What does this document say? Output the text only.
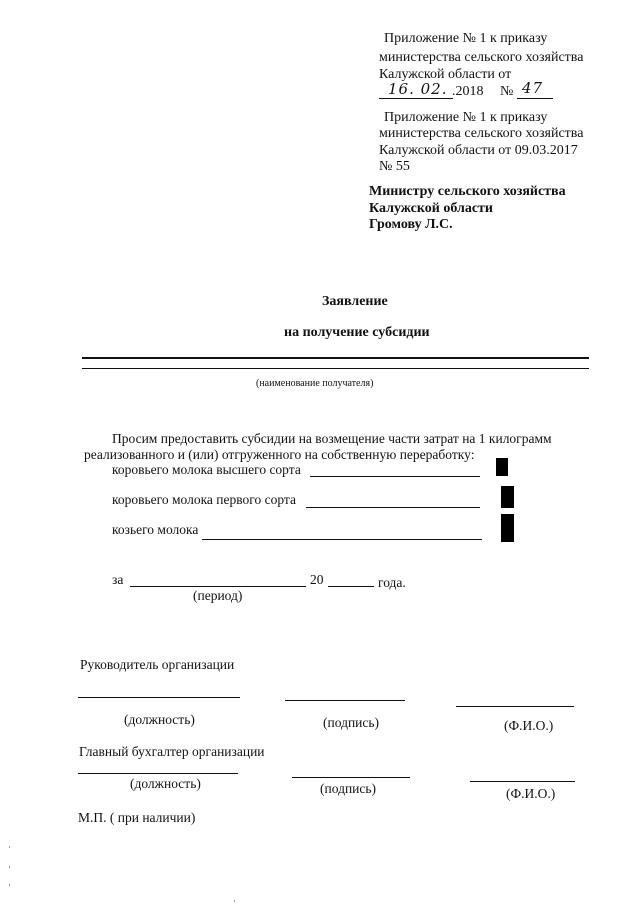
Приложение № 1 к приказу
министерства сельского хозяйства
Калужской области от
16. 02. .2018 № 47
Приложение № 1 к приказу
министерства сельского хозяйства
Калужской области от 09.03.2017
№ 55
Министру сельского хозяйства
Калужской области
Громову Л.С.
Заявление
на получение субсидии
(наименование получателя)
Просим предоставить субсидии на возмещение части затрат на 1 килограмм
реализованного и (или) отгруженного на собственную переработку:
коровьего молока высшего сорта
коровьего молока первого сорта
козьего молока
за	20	года.
(период)
Руководитель организации
(должность)	(подпись)	(Ф.И.О.)
Главный бухгалтер организации
(должность)	(подпись)	(Ф.И.О.)
М.П. ( при наличии)
